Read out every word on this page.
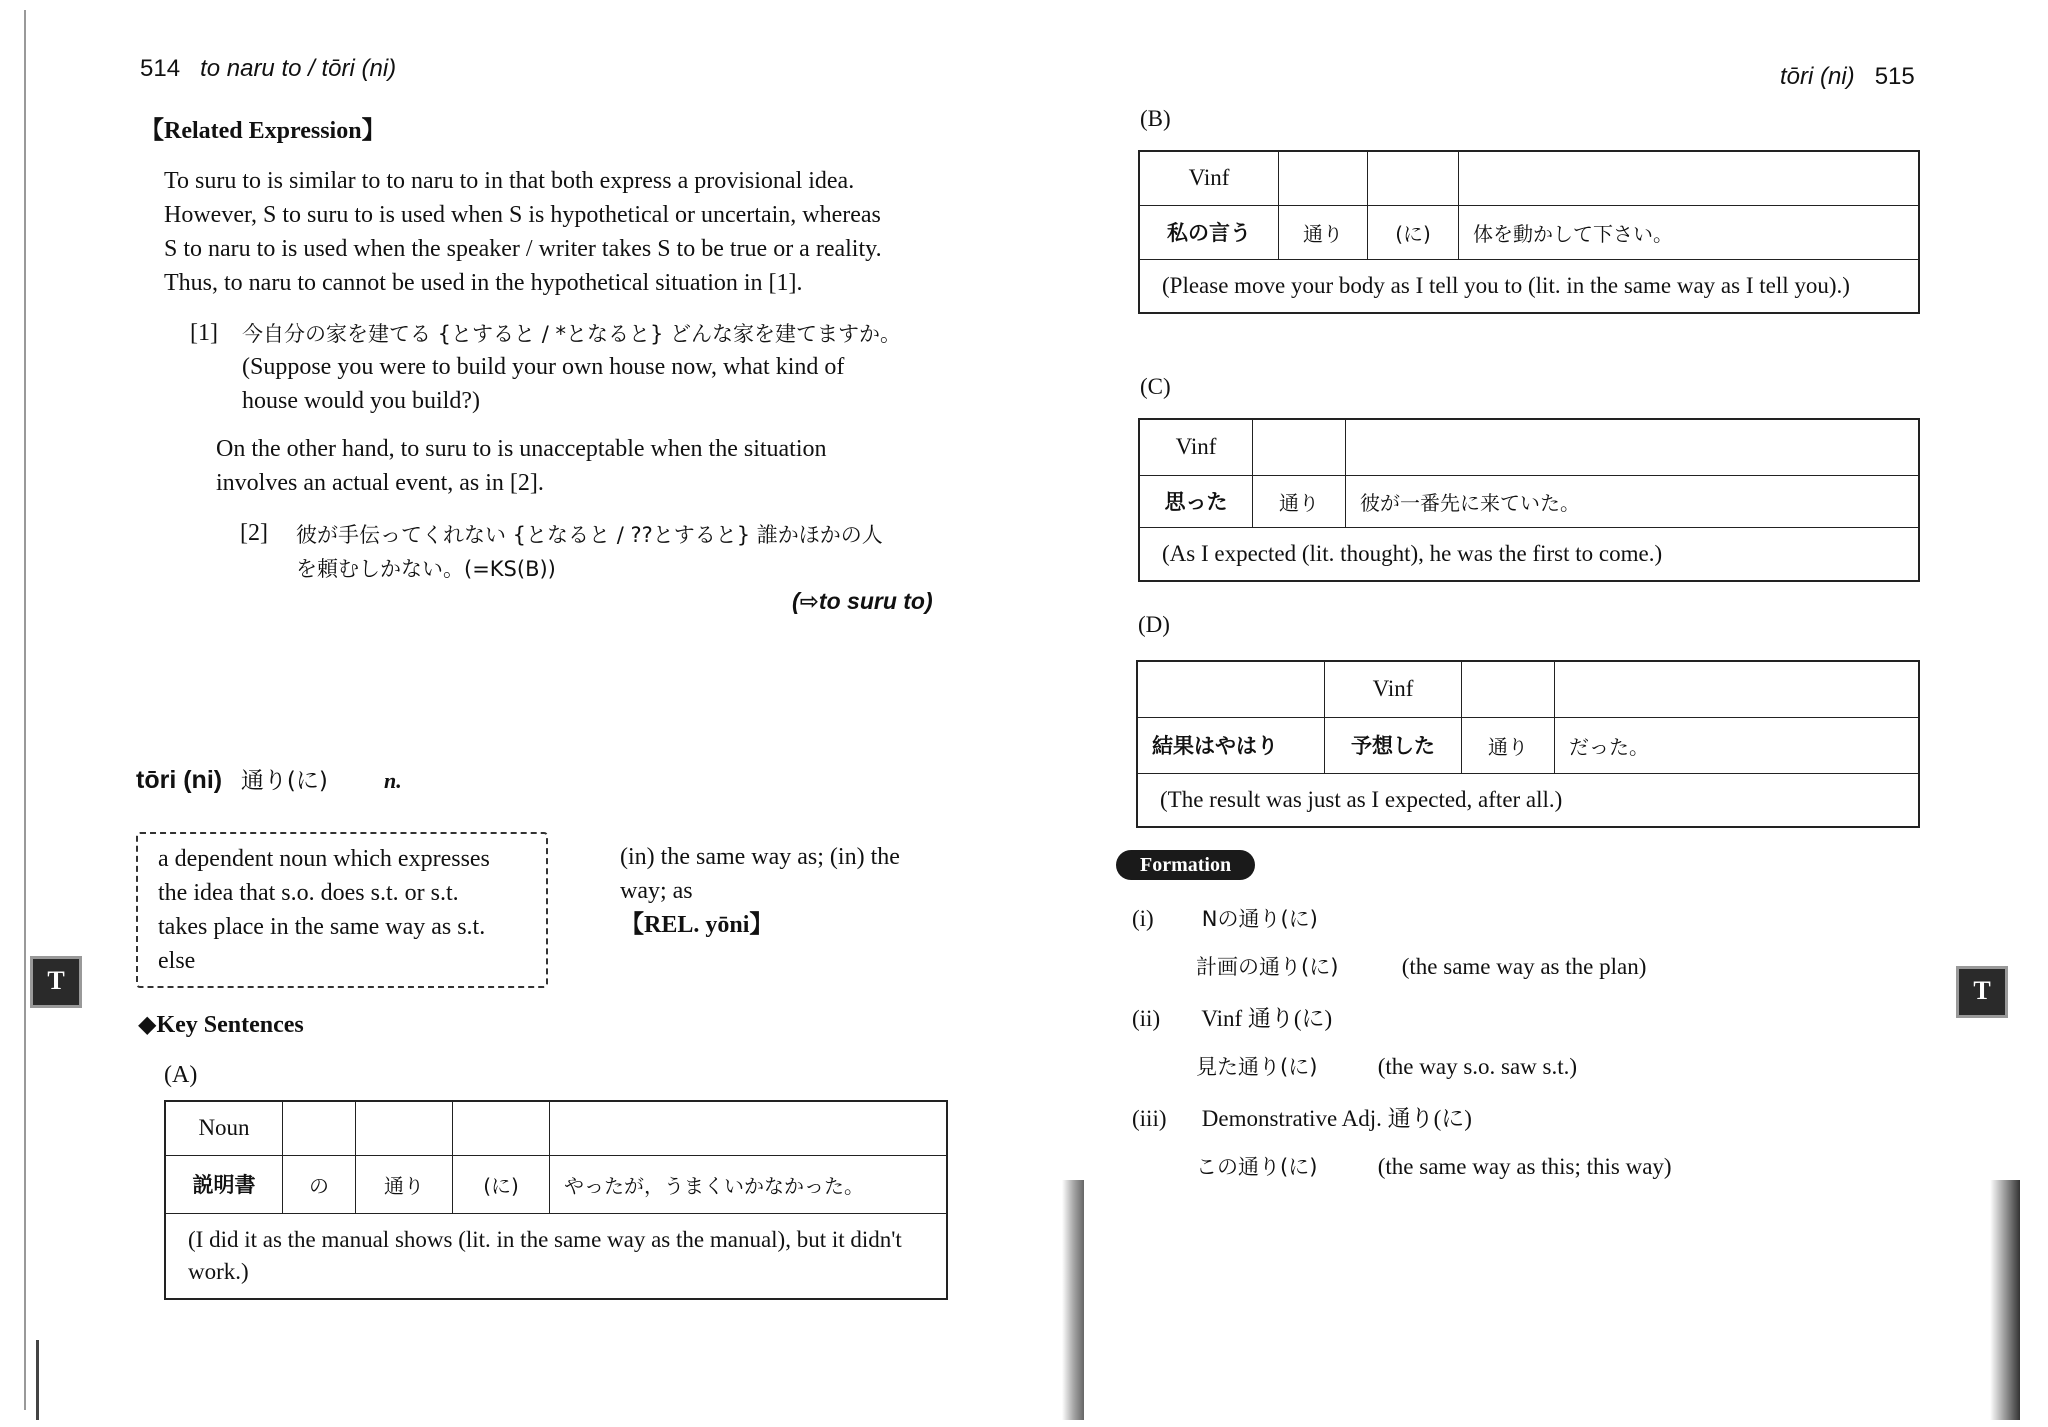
514 to naru to / tōri (ni)
【Related Expression】
To suru to is similar to to naru to in that both express a provisional idea.
However, S to suru to is used when S is hypothetical or uncertain, whereas
S to naru to is used when the speaker / writer takes S to be true or a reality.
Thus, to naru to cannot be used in the hypothetical situation in [1].
[1] 今自分の家を建てる {とすると / *となると} どんな家を建てますか。
(Suppose you were to build your own house now, what kind of
house would you build?)
On the other hand, to suru to is unacceptable when the situation
involves an actual event, as in [2].
[2] 彼が手伝ってくれない {となると / ??とすると} 誰かほかの人
を頼むしかない。(=KS(B))
(⇨to suru to)
tōri (ni) 通り(に)	n.
a dependent noun which expresses
the idea that s.o. does s.t. or s.t.
takes place in the same way as s.t.
else
(in) the same way as; (in) the
way; as
【REL. yōni】
T
◆Key Sentences
(A)
Noun				
説明書	の	通り	(に)	やったが，うまくいかなかった。
(I did it as the manual shows (lit. in the same way as the manual), but it didn't work.)				
tōri (ni) 515
(B)
Vinf			
私の言う	通り	(に)	体を動かして下さい。
(Please move your body as I tell you to (lit. in the same way as I tell you).)			
(C)
Vinf		
思った	通り	彼が一番先に来ていた。
(As I expected (lit. thought), he was the first to come.)		
(D)
	Vinf		
結果はやはり	予想した	通り	だった。
(The result was just as I expected, after all.)			
Formation
(i) Nの通り(に)
計画の通り(に)	(the same way as the plan)
(ii) Vinf 通り(に)
見た通り(に)	(the way s.o. saw s.t.)
(iii) Demonstrative Adj. 通り(に)
この通り(に)	(the same way as this; this way)
T
